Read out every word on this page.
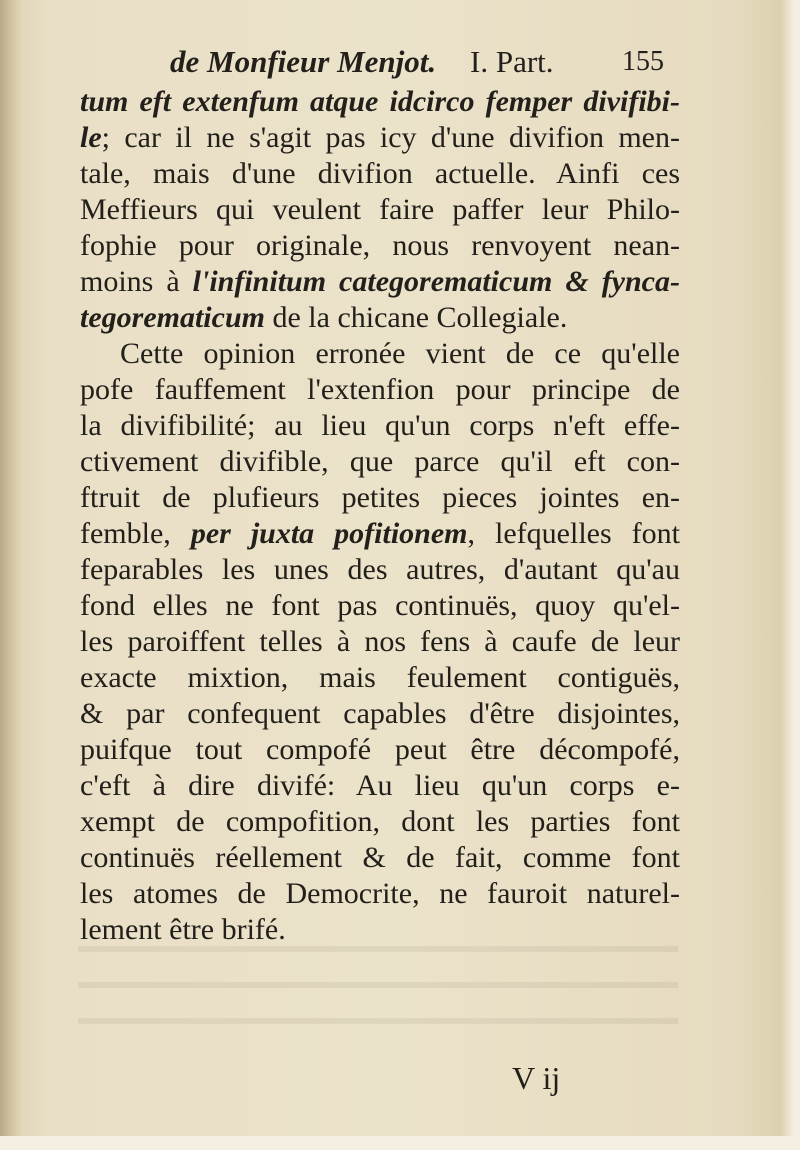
de Monfieur Menjot. I. Part. 155
tum eft extenfum atque idcirco femper divifibi-
le; car il ne s'agit pas icy d'une divifion men-
tale, mais d'une divifion actuelle. Ainfi ces
Meffieurs qui veulent faire paffer leur Philo-
fophie pour originale, nous renvoyent nean-
moins à l'infinitum categorematicum & fynca-
tegorematicum de la chicane Collegiale.
Cette opinion erronée vient de ce qu'elle
pofe fauffement l'extenfion pour principe de
la divifibilité; au lieu qu'un corps n'eft effe-
ctivement divifible, que parce qu'il eft con-
ftruit de plufieurs petites pieces jointes en-
femble, per juxta pofitionem, lefquelles font
feparables les unes des autres, d'autant qu'au
fond elles ne font pas continuës, quoy qu'el-
les paroiffent telles à nos fens à caufe de leur
exacte mixtion, mais feulement contiguës,
& par confequent capables d'être disjointes,
puifque tout compofé peut être décompofé,
c'eft à dire divifé: Au lieu qu'un corps e-
xempt de compofition, dont les parties font
continuës réellement & de fait, comme font
les atomes de Democrite, ne fauroit naturel-
lement être brifé.
V ij
